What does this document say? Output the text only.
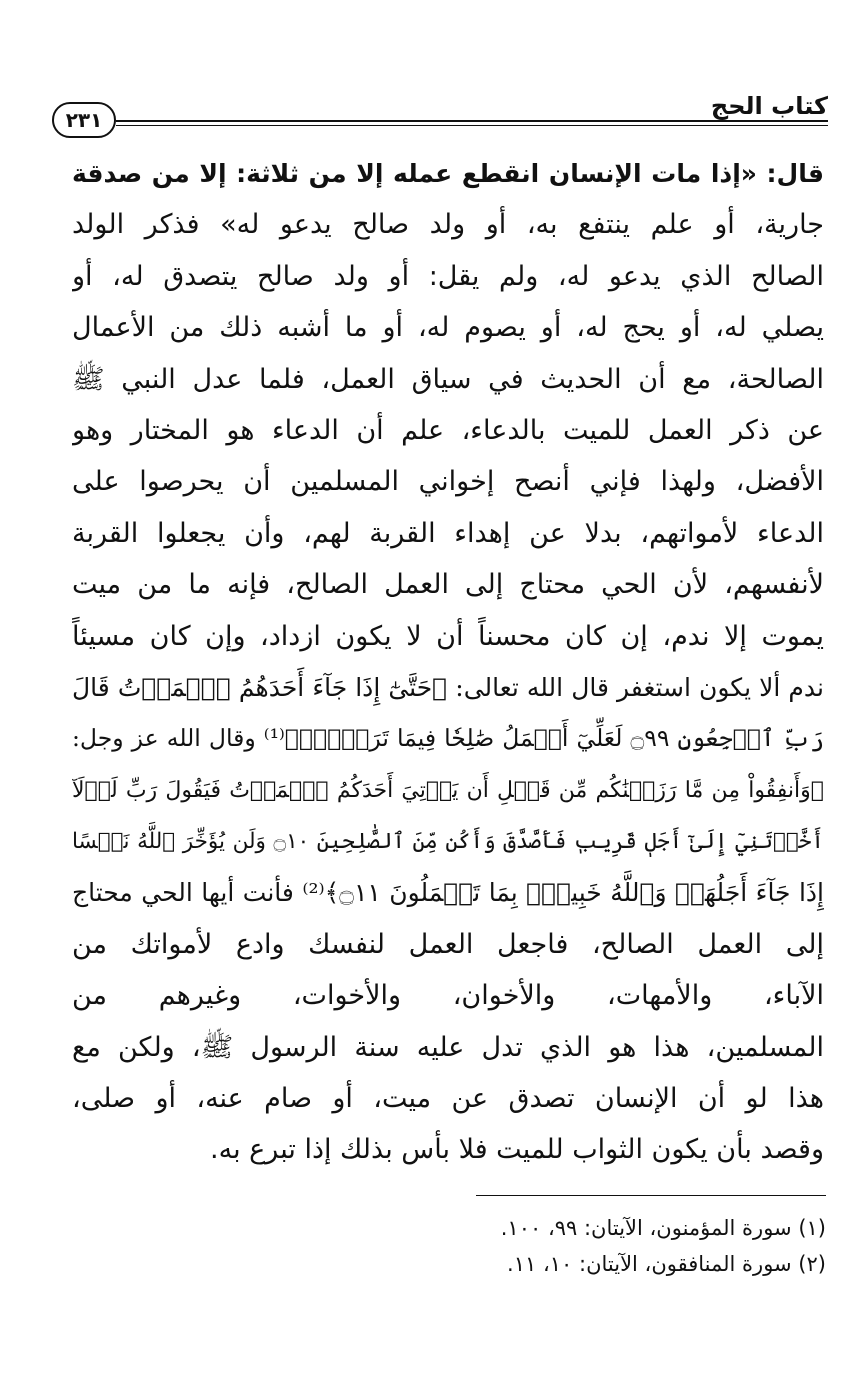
كتاب الحج
٢٣١
قال: «إذا مات الإنسان انقطع عمله إلا من ثلاثة: إلا من صدقة
جارية، أو علم ينتفع به، أو ولد صالح يدعو له» فذكر الولد
الصالح الذي يدعو له، ولم يقل: أو ولد صالح يتصدق له، أو
يصلي له، أو يحج له، أو يصوم له، أو ما أشبه ذلك من الأعمال
الصالحة، مع أن الحديث في سياق العمل، فلما عدل النبي ﷺ
عن ذكر العمل للميت بالدعاء، علم أن الدعاء هو المختار وهو
الأفضل، ولهذا فإني أنصح إخواني المسلمين أن يحرصوا على
الدعاء لأمواتهم، بدلا عن إهداء القربة لهم، وأن يجعلوا القربة
لأنفسهم، لأن الحي محتاج إلى العمل الصالح، فإنه ما من ميت
يموت إلا ندم، إن كان محسناً أن لا يكون ازداد، وإن كان مسيئاً
ندم ألا يكون استغفر قال الله تعالى: ﴿حَتَّىٰٓ إِذَا جَآءَ أَحَدَهُمُ ٱلۡمَوۡتُ قَالَ
رَبِّ ٱرۡجِعُونِ ۝٩٩ لَعَلِّيٓ أَعۡمَلُ صَٰلِحٗا فِيمَا تَرَكۡتُۚ﴾⁽¹⁾ وقال الله عز وجل:
﴿وَأَنفِقُواْ مِن مَّا رَزَقۡنَٰكُم مِّن قَبۡلِ أَن يَأۡتِيَ أَحَدَكُمُ ٱلۡمَوۡتُ فَيَقُولَ رَبِّ لَوۡلَآ
أَخَّرۡتَنِيٓ إِلَىٰٓ أَجَلٖ قَرِيبٖ فَأَصَّدَّقَ وَأَكُن مِّنَ ٱلصَّٰلِحِينَ ۝١٠ وَلَن يُؤَخِّرَ ٱللَّهُ نَفۡسًا
إِذَا جَآءَ أَجَلُهَاۚ وَٱللَّهُ خَبِيرُۢ بِمَا تَعۡمَلُونَ ۝١١﴾⁽²⁾ فأنت أيها الحي محتاج
إلى العمل الصالح، فاجعل العمل لنفسك وادع لأمواتك من
الآباء، والأمهات، والأخوان، والأخوات، وغيرهم من
المسلمين، هذا هو الذي تدل عليه سنة الرسول ﷺ، ولكن مع
هذا لو أن الإنسان تصدق عن ميت، أو صام عنه، أو صلى،
وقصد بأن يكون الثواب للميت فلا بأس بذلك إذا تبرع به.
(١) سورة المؤمنون، الآيتان: ٩٩، ١٠٠.
(٢) سورة المنافقون، الآيتان: ١٠، ١١.
